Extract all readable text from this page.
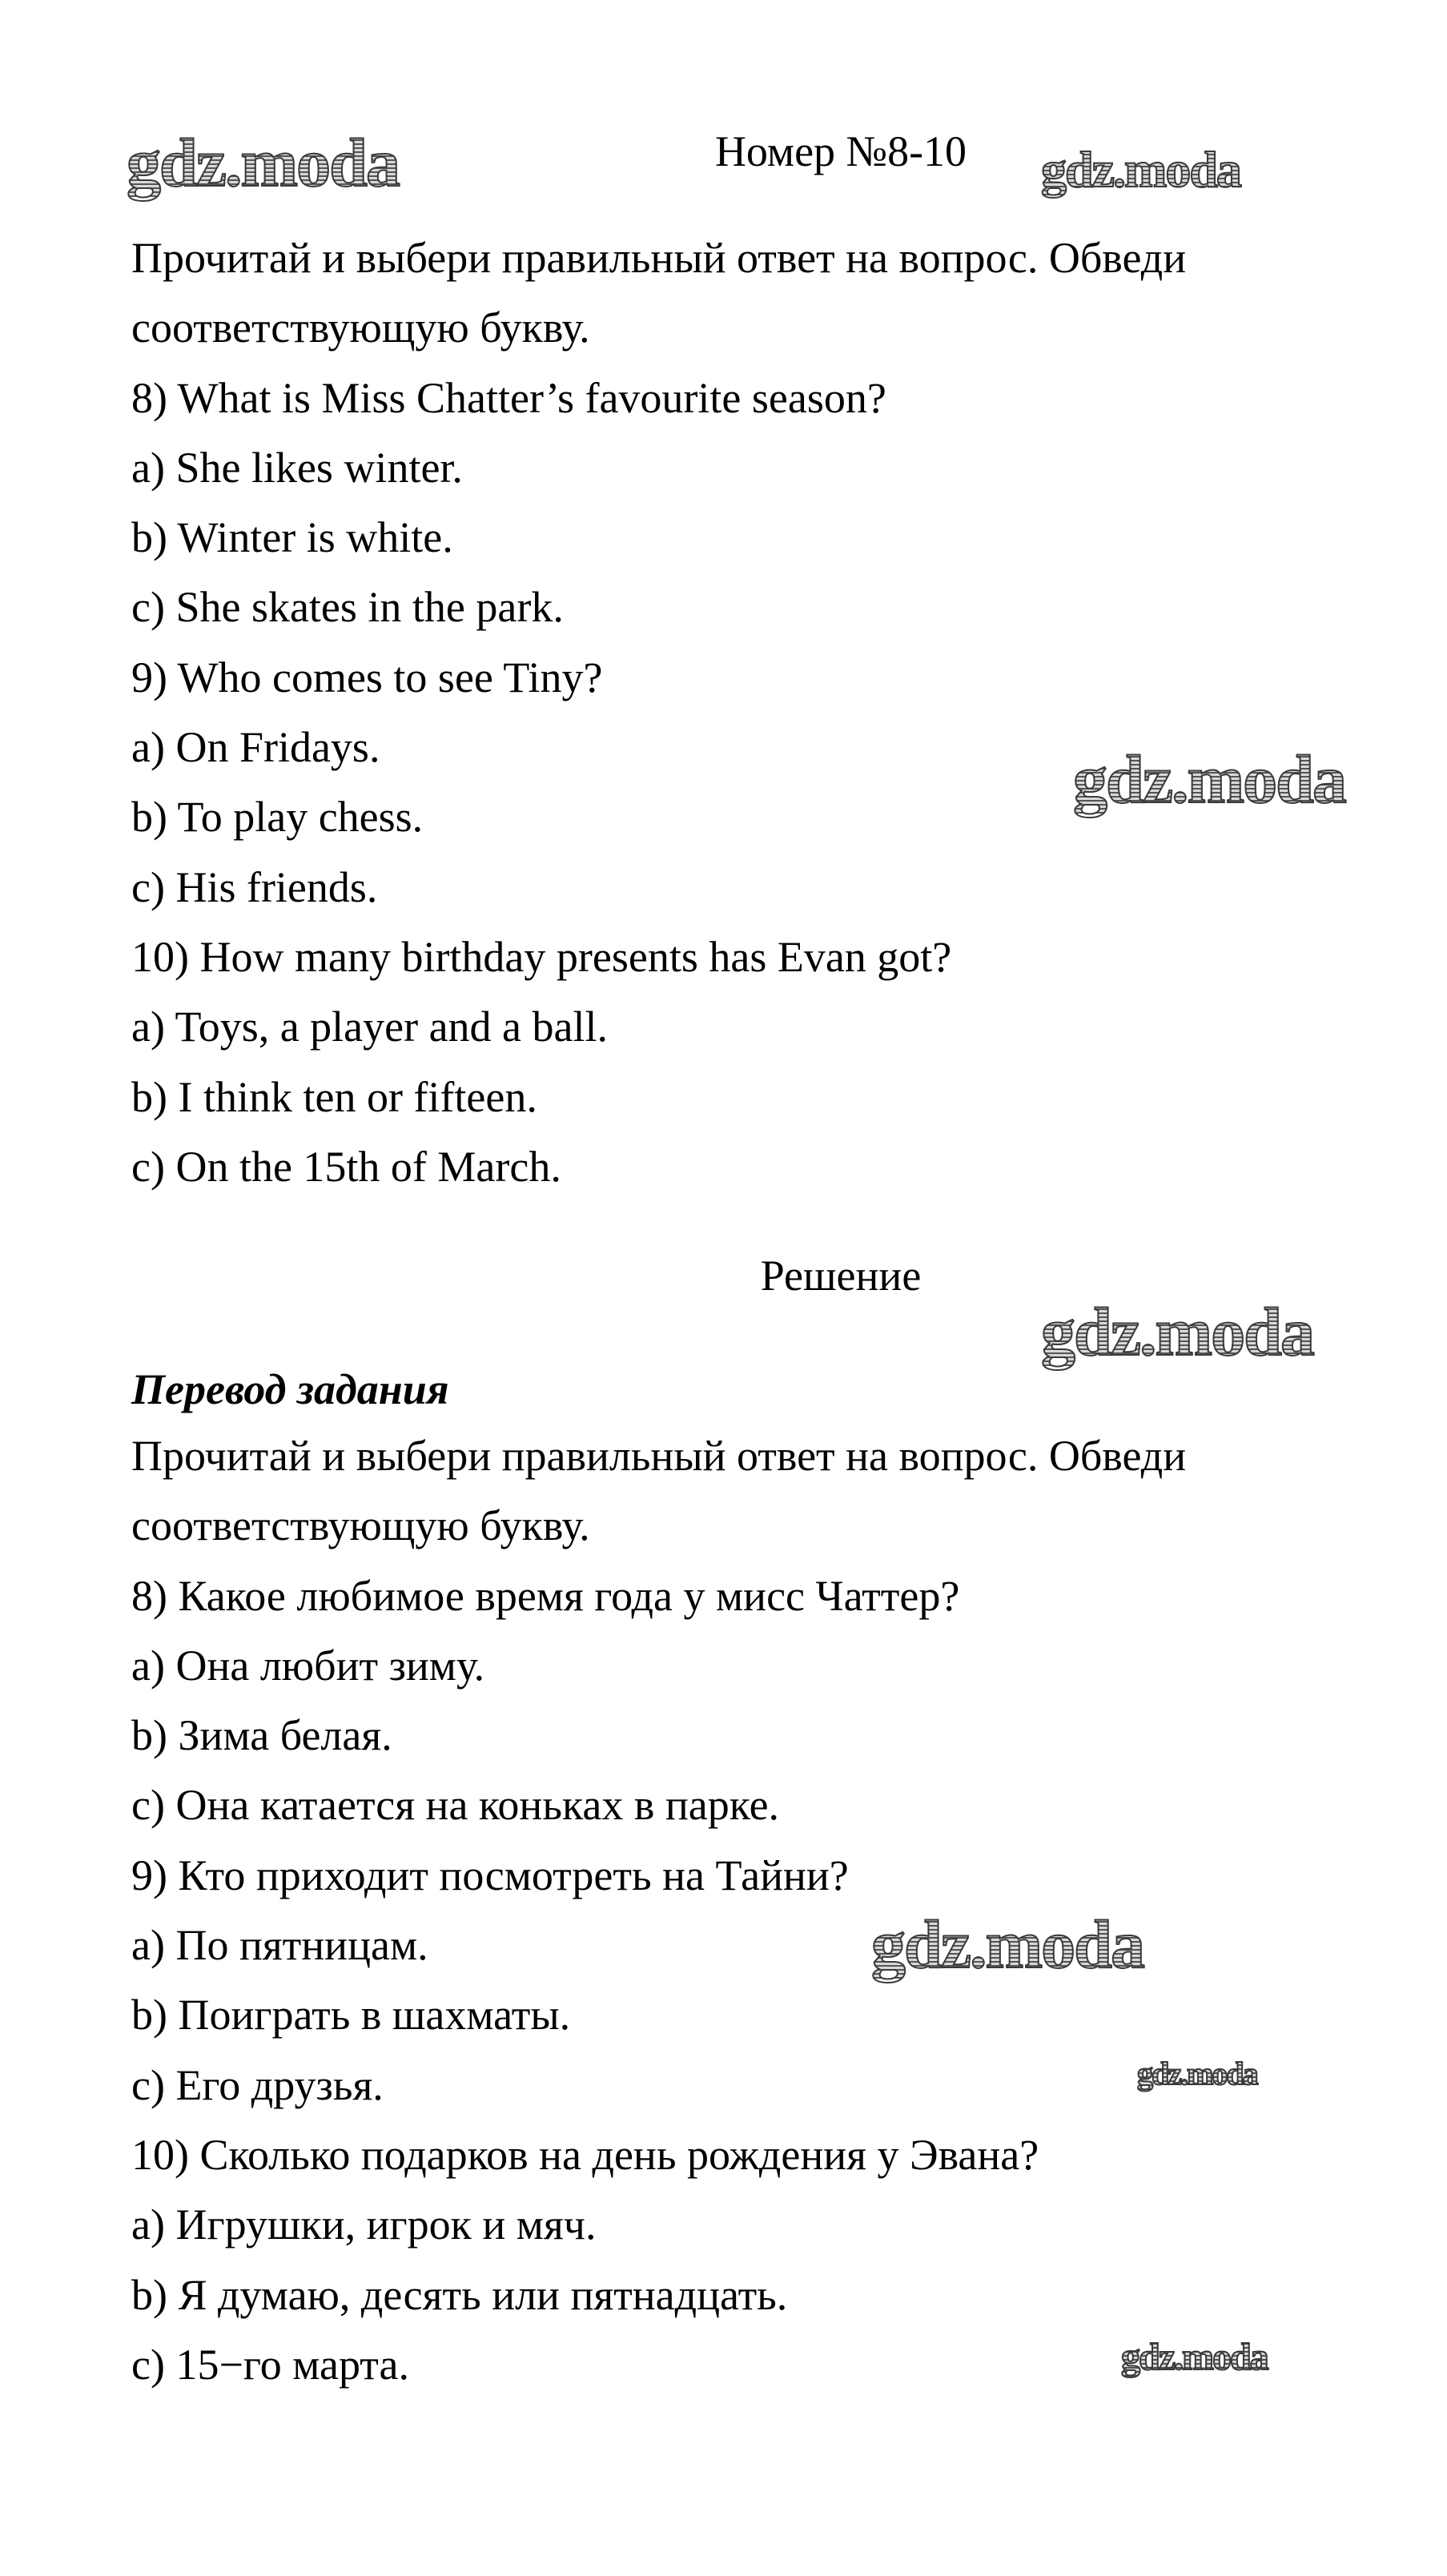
Номер №8-10
Прочитай и выбери правильный ответ на вопрос. Обведи
соответствующую букву.
8) What is Miss Chatter’s favourite season?
a) She likes winter.
b) Winter is white.
c) She skates in the park.
9) Who comes to see Tiny?
a) On Fridays.
b) To play chess.
c) His friends.
10) How many birthday presents has Evan got?
a) Toys, a player and a ball.
b) I think ten or fifteen.
c) On the 15th of March.
Решение
Перевод задания
Прочитай и выбери правильный ответ на вопрос. Обведи
соответствующую букву.
8) Какое любимое время года у мисс Чаттер?
a) Она любит зиму.
b) Зима белая.
c) Она катается на коньках в парке.
9) Кто приходит посмотреть на Тайни?
a) По пятницам.
b) Поиграть в шахматы.
c) Его друзья.
10) Сколько подарков на день рождения у Эвана?
a) Игрушки, игрок и мяч.
b) Я думаю, десять или пятнадцать.
c) 15−го марта.
gdz.moda	gdz.moda
gdz.moda
gdz.moda
gdz.moda
gdz.moda
gdz.moda
